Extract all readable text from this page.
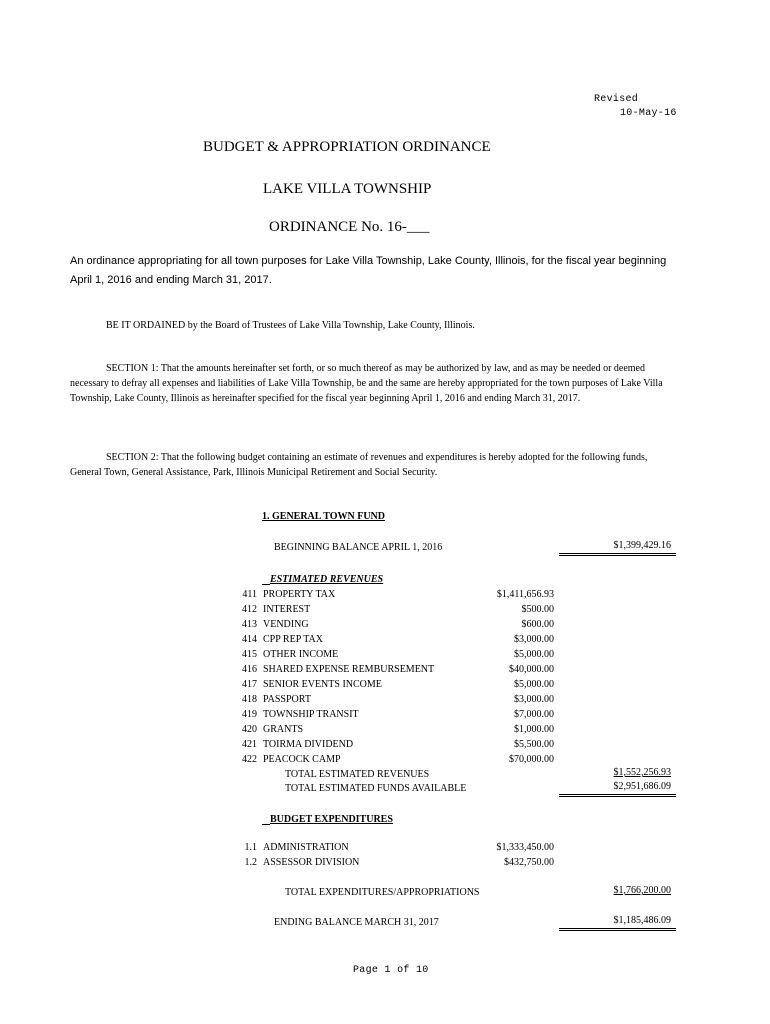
Revised
10-May-16
BUDGET & APPROPRIATION ORDINANCE
LAKE VILLA TOWNSHIP
ORDINANCE No. 16-___
An ordinance appropriating for all town purposes for Lake Villa Township, Lake County, Illinois, for the fiscal year beginning
April 1, 2016 and ending March 31, 2017.
BE IT ORDAINED by the Board of Trustees of Lake Villa Township, Lake County, Illinois.
SECTION 1: That the amounts hereinafter set forth, or so much thereof as may be authorized by law, and as may be needed or deemed necessary to defray all expenses and liabilities of Lake Villa Township, be and the same are hereby appropriated for the town purposes of Lake Villa Township, Lake County, Illinois as hereinafter specified for the fiscal year beginning April 1, 2016 and ending March 31, 2017.
SECTION 2: That the following budget containing an estimate of revenues and expenditures is hereby adopted for the following funds, General Town, General Assistance, Park, Illinois Municipal Retirement and Social Security.
1. GENERAL TOWN FUND
BEGINNING BALANCE APRIL 1, 2016	$1,399,429.16
ESTIMATED REVENUES
411 PROPERTY TAX	$1,411,656.93
412 INTEREST	$500.00
413 VENDING	$600.00
414 CPP REP TAX	$3,000.00
415 OTHER INCOME	$5,000.00
416 SHARED EXPENSE REMBURSEMENT	$40,000.00
417 SENIOR EVENTS INCOME	$5,000.00
418 PASSPORT	$3,000.00
419 TOWNSHIP TRANSIT	$7,000.00
420 GRANTS	$1,000.00
421 TOIRMA DIVIDEND	$5,500.00
422 PEACOCK CAMP	$70,000.00
TOTAL ESTIMATED REVENUES	$1,552,256.93
TOTAL ESTIMATED FUNDS AVAILABLE	$2,951,686.09
BUDGET EXPENDITURES
1.1 ADMINISTRATION	$1,333,450.00
1.2 ASSESSOR DIVISION	$432,750.00
TOTAL EXPENDITURES/APPROPRIATIONS	$1,766,200.00
ENDING BALANCE MARCH 31, 2017	$1,185,486.09
Page 1 of 10
